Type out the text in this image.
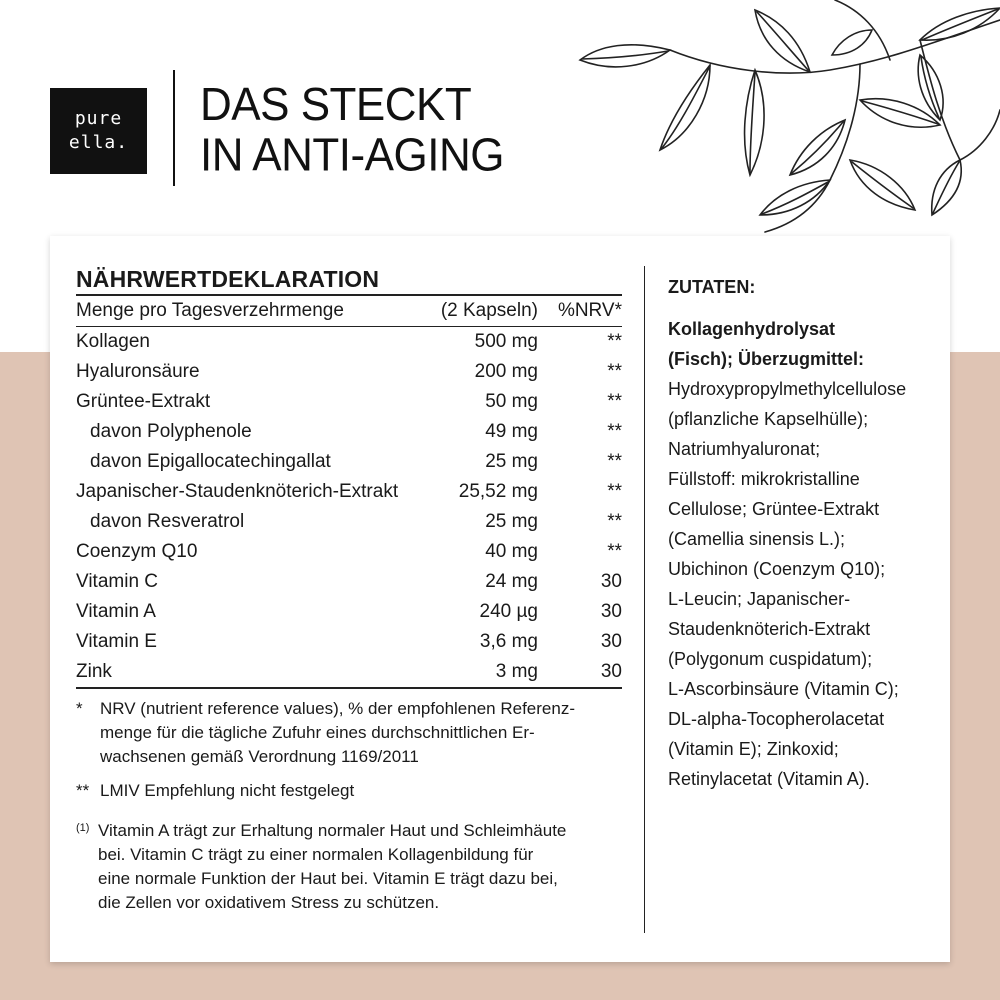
pure
ella.
DAS STECKT
IN ANTI-AGING
NÄHRWERTDEKLARATION
Menge pro Tagesverzehrmenge	(2 Kapseln)	%NRV*
Kollagen	500 mg	**
Hyaluronsäure	200 mg	**
Grüntee-Extrakt	50 mg	**
davon Polyphenole	49 mg	**
davon Epigallocatechingallat	25 mg	**
Japanischer-Staudenknöterich-Extrakt	25,52 mg	**
davon Resveratrol	25 mg	**
Coenzym Q10	40 mg	**
Vitamin C	24 mg	30
Vitamin A	240 µg	30
Vitamin E	3,6 mg	30
Zink	3 mg	30
*	NRV (nutrient reference values), % der empfohlenen Referenz-
menge für die tägliche Zufuhr eines durchschnittlichen Er-
wachsenen gemäß Verordnung 1169/2011
** LMIV Empfehlung nicht festgelegt
(1) Vitamin A trägt zur Erhaltung normaler Haut und Schleimhäute
bei. Vitamin C trägt zu einer normalen Kollagenbildung für
eine normale Funktion der Haut bei. Vitamin E trägt dazu bei,
die Zellen vor oxidativem Stress zu schützen.
ZUTATEN:
Kollagenhydrolysat
(Fisch); Überzugmittel:
Hydroxypropylmethylcellulose
(pflanzliche Kapselhülle);
Natriumhyaluronat;
Füllstoff: mikrokristalline
Cellulose; Grüntee-Extrakt
(Camellia sinensis L.);
Ubichinon (Coenzym Q10);
L-Leucin; Japanischer-
Staudenknöterich-Extrakt
(Polygonum cuspidatum);
L-Ascorbinsäure (Vitamin C);
DL-alpha-Tocopherolacetat
(Vitamin E); Zinkoxid;
Retinylacetat (Vitamin A).
